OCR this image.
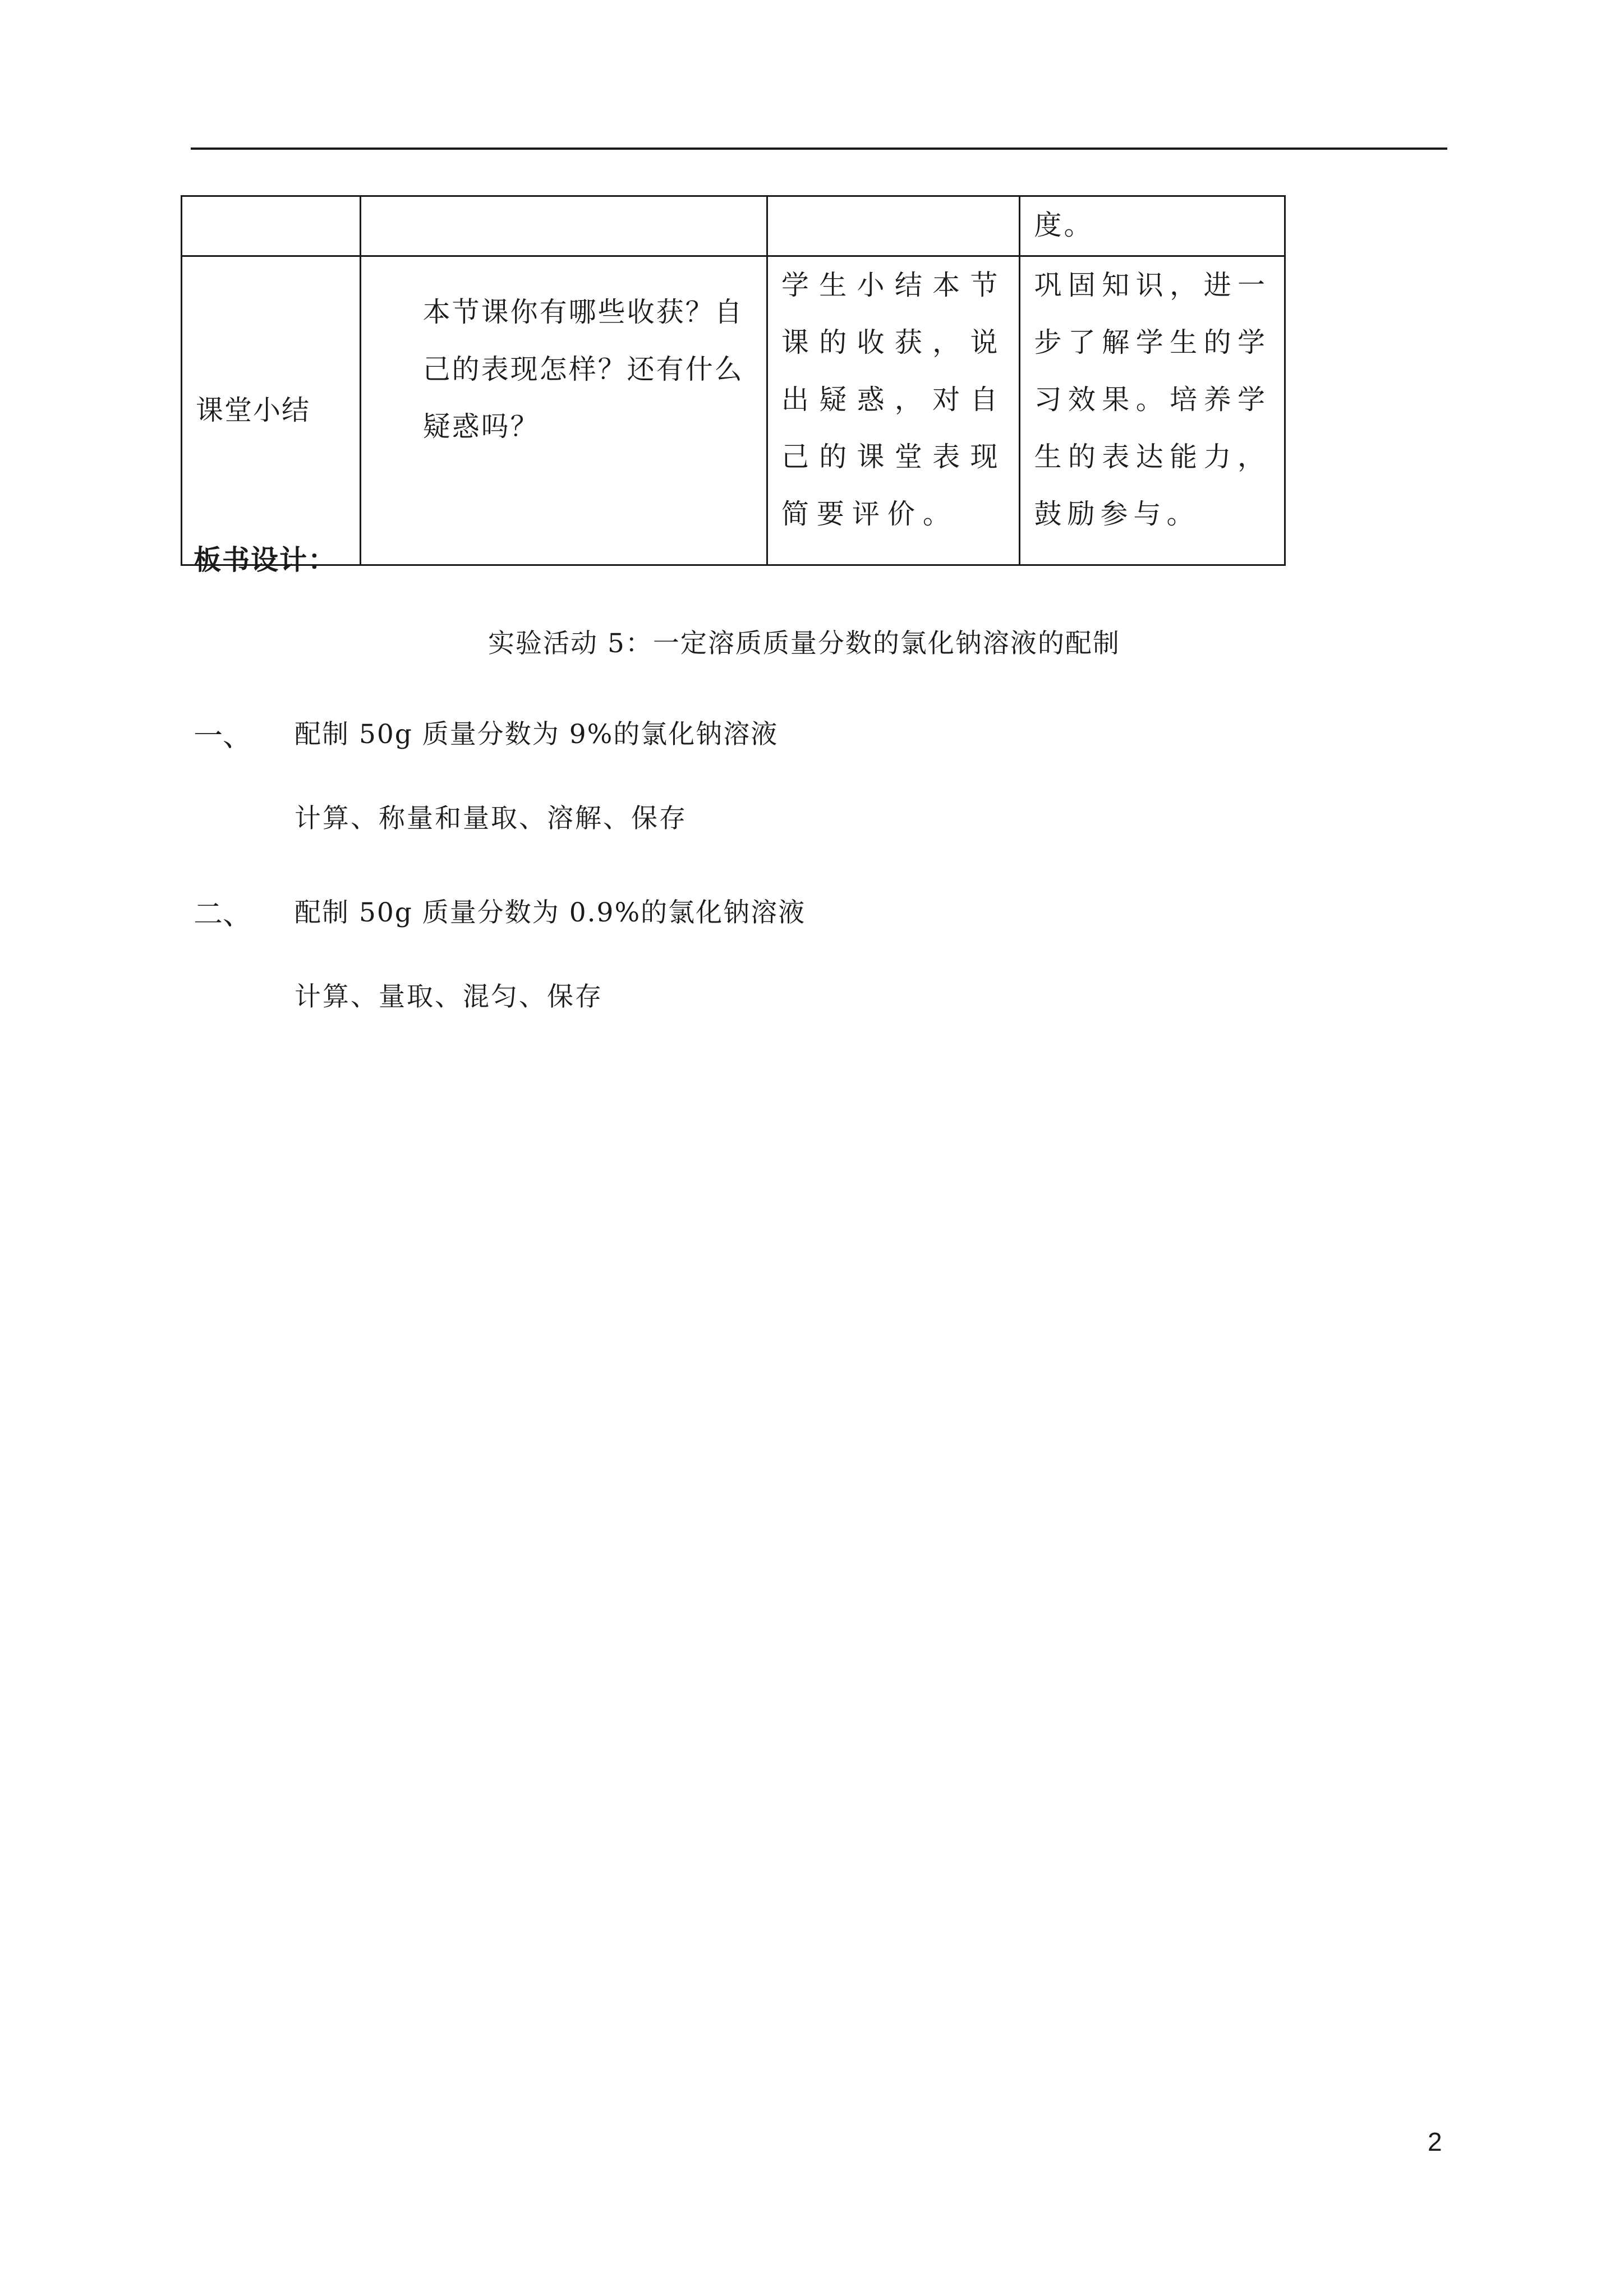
			度。
课堂小结	本节课你有哪些收获？自己的表现怎样？还有什么疑惑吗？	学生小结本节课的收获，说出疑惑，对自己的课堂表现简要评价。	巩固知识，进一步了解学生的学习效果。培养学生的表达能力，鼓励参与。
板书设计：
实验活动 5：一定溶质质量分数的氯化钠溶液的配制
一、 配制 50g 质量分数为 9%的氯化钠溶液
计算、称量和量取、溶解、保存
二、 配制 50g 质量分数为 0.9%的氯化钠溶液
计算、量取、混匀、保存
2
